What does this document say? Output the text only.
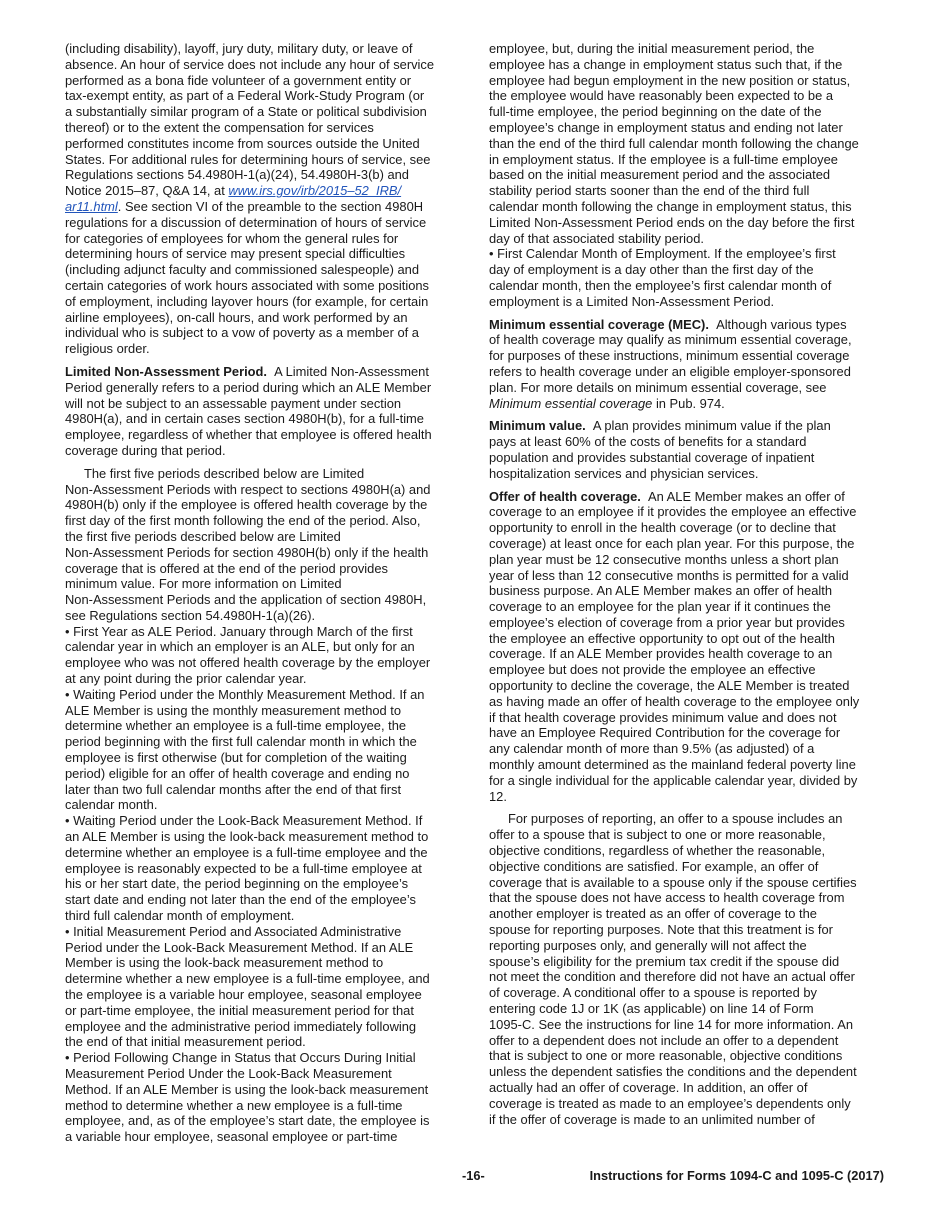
(including disability), layoff, jury duty, military duty, or leave of
absence. An hour of service does not include any hour of service
performed as a bona fide volunteer of a government entity or
tax-exempt entity, as part of a Federal Work-Study Program (or
a substantially similar program of a State or political subdivision
thereof) or to the extent the compensation for services
performed constitutes income from sources outside the United
States. For additional rules for determining hours of service, see
Regulations sections 54.4980H-1(a)(24), 54.4980H-3(b) and
Notice 2015–87, Q&A 14, at www.irs.gov/irb/2015–52_IRB/
ar11.html. See section VI of the preamble to the section 4980H
regulations for a discussion of determination of hours of service
for categories of employees for whom the general rules for
determining hours of service may present special difficulties
(including adjunct faculty and commissioned salespeople) and
certain categories of work hours associated with some positions
of employment, including layover hours (for example, for certain
airline employees), on-call hours, and work performed by an
individual who is subject to a vow of poverty as a member of a
religious order.
Limited Non-Assessment Period. A Limited Non-Assessment
Period generally refers to a period during which an ALE Member
will not be subject to an assessable payment under section
4980H(a), and in certain cases section 4980H(b), for a full-time
employee, regardless of whether that employee is offered health
coverage during that period.
The first five periods described below are Limited
Non-Assessment Periods with respect to sections 4980H(a) and
4980H(b) only if the employee is offered health coverage by the
first day of the first month following the end of the period. Also,
the first five periods described below are Limited
Non-Assessment Periods for section 4980H(b) only if the health
coverage that is offered at the end of the period provides
minimum value. For more information on Limited
Non-Assessment Periods and the application of section 4980H,
see Regulations section 54.4980H-1(a)(26).
• First Year as ALE Period. January through March of the first
calendar year in which an employer is an ALE, but only for an
employee who was not offered health coverage by the employer
at any point during the prior calendar year.
• Waiting Period under the Monthly Measurement Method. If an
ALE Member is using the monthly measurement method to
determine whether an employee is a full-time employee, the
period beginning with the first full calendar month in which the
employee is first otherwise (but for completion of the waiting
period) eligible for an offer of health coverage and ending no
later than two full calendar months after the end of that first
calendar month.
• Waiting Period under the Look-Back Measurement Method. If
an ALE Member is using the look-back measurement method to
determine whether an employee is a full-time employee and the
employee is reasonably expected to be a full-time employee at
his or her start date, the period beginning on the employee’s
start date and ending not later than the end of the employee’s
third full calendar month of employment.
• Initial Measurement Period and Associated Administrative
Period under the Look-Back Measurement Method. If an ALE
Member is using the look-back measurement method to
determine whether a new employee is a full-time employee, and
the employee is a variable hour employee, seasonal employee
or part-time employee, the initial measurement period for that
employee and the administrative period immediately following
the end of that initial measurement period.
• Period Following Change in Status that Occurs During Initial
Measurement Period Under the Look-Back Measurement
Method. If an ALE Member is using the look-back measurement
method to determine whether a new employee is a full-time
employee, and, as of the employee’s start date, the employee is
a variable hour employee, seasonal employee or part-time
employee, but, during the initial measurement period, the
employee has a change in employment status such that, if the
employee had begun employment in the new position or status,
the employee would have reasonably been expected to be a
full-time employee, the period beginning on the date of the
employee’s change in employment status and ending not later
than the end of the third full calendar month following the change
in employment status. If the employee is a full-time employee
based on the initial measurement period and the associated
stability period starts sooner than the end of the third full
calendar month following the change in employment status, this
Limited Non-Assessment Period ends on the day before the first
day of that associated stability period.
• First Calendar Month of Employment. If the employee’s first
day of employment is a day other than the first day of the
calendar month, then the employee’s first calendar month of
employment is a Limited Non-Assessment Period.
Minimum essential coverage (MEC). Although various types
of health coverage may qualify as minimum essential coverage,
for purposes of these instructions, minimum essential coverage
refers to health coverage under an eligible employer-sponsored
plan. For more details on minimum essential coverage, see
Minimum essential coverage in Pub. 974.
Minimum value. A plan provides minimum value if the plan
pays at least 60% of the costs of benefits for a standard
population and provides substantial coverage of inpatient
hospitalization services and physician services.
Offer of health coverage. An ALE Member makes an offer of
coverage to an employee if it provides the employee an effective
opportunity to enroll in the health coverage (or to decline that
coverage) at least once for each plan year. For this purpose, the
plan year must be 12 consecutive months unless a short plan
year of less than 12 consecutive months is permitted for a valid
business purpose. An ALE Member makes an offer of health
coverage to an employee for the plan year if it continues the
employee’s election of coverage from a prior year but provides
the employee an effective opportunity to opt out of the health
coverage. If an ALE Member provides health coverage to an
employee but does not provide the employee an effective
opportunity to decline the coverage, the ALE Member is treated
as having made an offer of health coverage to the employee only
if that health coverage provides minimum value and does not
have an Employee Required Contribution for the coverage for
any calendar month of more than 9.5% (as adjusted) of a
monthly amount determined as the mainland federal poverty line
for a single individual for the applicable calendar year, divided by
12.
For purposes of reporting, an offer to a spouse includes an
offer to a spouse that is subject to one or more reasonable,
objective conditions, regardless of whether the reasonable,
objective conditions are satisfied. For example, an offer of
coverage that is available to a spouse only if the spouse certifies
that the spouse does not have access to health coverage from
another employer is treated as an offer of coverage to the
spouse for reporting purposes. Note that this treatment is for
reporting purposes only, and generally will not affect the
spouse’s eligibility for the premium tax credit if the spouse did
not meet the condition and therefore did not have an actual offer
of coverage. A conditional offer to a spouse is reported by
entering code 1J or 1K (as applicable) on line 14 of Form
1095-C. See the instructions for line 14 for more information. An
offer to a dependent does not include an offer to a dependent
that is subject to one or more reasonable, objective conditions
unless the dependent satisfies the conditions and the dependent
actually had an offer of coverage. In addition, an offer of
coverage is treated as made to an employee’s dependents only
if the offer of coverage is made to an unlimited number of
-16-	Instructions for Forms 1094-C and 1095-C (2017)
